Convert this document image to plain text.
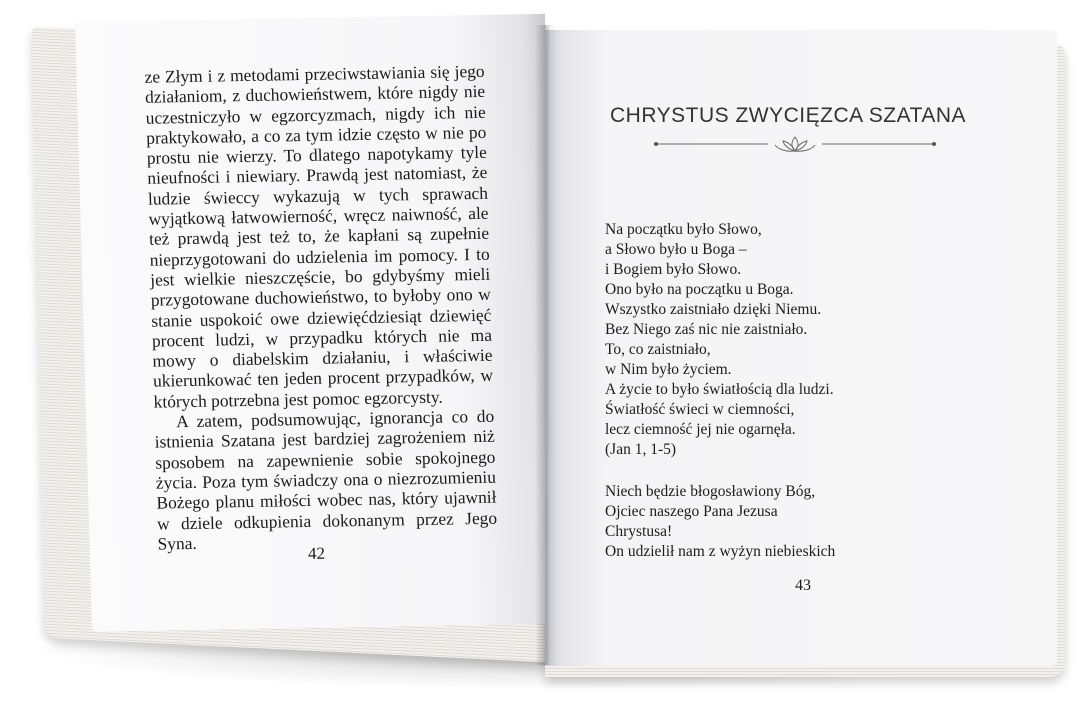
ze Złym i z metodami przeciwstawiania się jego działaniom, z duchowieństwem, które nigdy nie uczestniczyło w egzorcyzmach, nigdy ich nie praktykowało, a co za tym idzie często w nie po prostu nie wierzy. To dlatego napotykamy tyle nieufności i niewiary. Prawdą jest natomiast, że ludzie świeccy wykazują w tych sprawach wyjątkową łatwowierność, wręcz naiwność, ale też prawdą jest też to, że kapłani są zupełnie nieprzygotowani do udzielenia im pomocy. I to jest wielkie nieszczęście, bo gdybyśmy mieli przygotowane duchowieństwo, to byłoby ono w stanie uspokoić owe dziewięćdziesiąt dziewięć procent ludzi, w przypadku których nie ma mowy o diabelskim działaniu, i właściwie ukierunkować ten jeden procent przypadków, w których potrzebna jest pomoc egzorcysty.

A zatem, podsumowując, ignorancja co do istnienia Szatana jest bardziej zagrożeniem niż sposobem na zapewnienie sobie spokojnego życia. Poza tym świadczy ona o niezrozumieniu Bożego planu miłości wobec nas, który ujawnił w dziele odkupienia dokonanym przez Jego Syna.	42
CHRYSTUS ZWYCIĘZCA SZATANA
Na początku było Słowo,
a Słowo było u Boga –
i Bogiem było Słowo.
Ono było na początku u Boga.
Wszystko zaistniało dzięki Niemu.
Bez Niego zaś nic nie zaistniało.
To, co zaistniało,
w Nim było życiem.
A życie to było światłością dla ludzi.
Światłość świeci w ciemności,
lecz ciemność jej nie ogarnęła.
(Jan 1, 1-5)
Niech będzie błogosławiony Bóg,
Ojciec naszego Pana Jezusa
Chrystusa!
On udzielił nam z wyżyn niebieskich
43
